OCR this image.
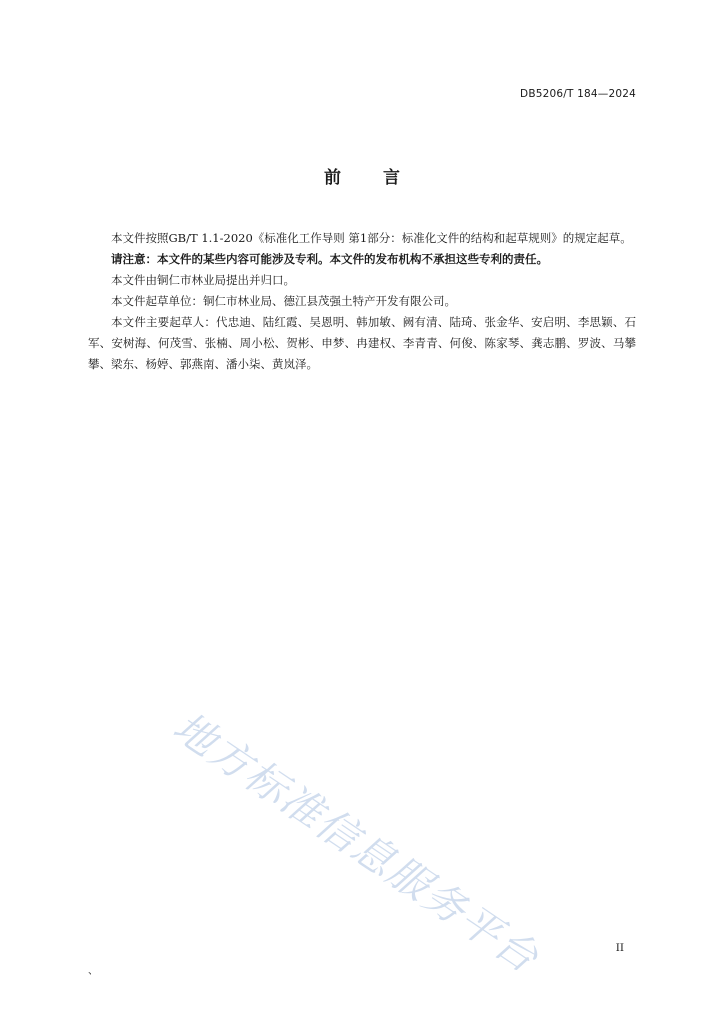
DB5206/T 184—2024
前 言

本文件按照GB/T 1.1-2020《标准化工作导则 第1部分：标准化文件的结构和起草规则》的规定起草。

请注意：本文件的某些内容可能涉及专利。本文件的发布机构不承担这些专利的责任。

本文件由铜仁市林业局提出并归口。

本文件起草单位：铜仁市林业局、德江县茂强土特产开发有限公司。

本文件主要起草人：代忠迪、陆红霞、吴恩明、韩加敏、阙有清、陆琦、张金华、安启明、李思颖、石军、安树海、何茂雪、张楠、周小松、贺彬、申梦、冉建权、李青青、何俊、陈家琴、龚志鹏、罗波、马攀攀、梁东、杨婷、郭燕南、潘小柒、黄岚泽。

地方标准信息服务平台	II
、
